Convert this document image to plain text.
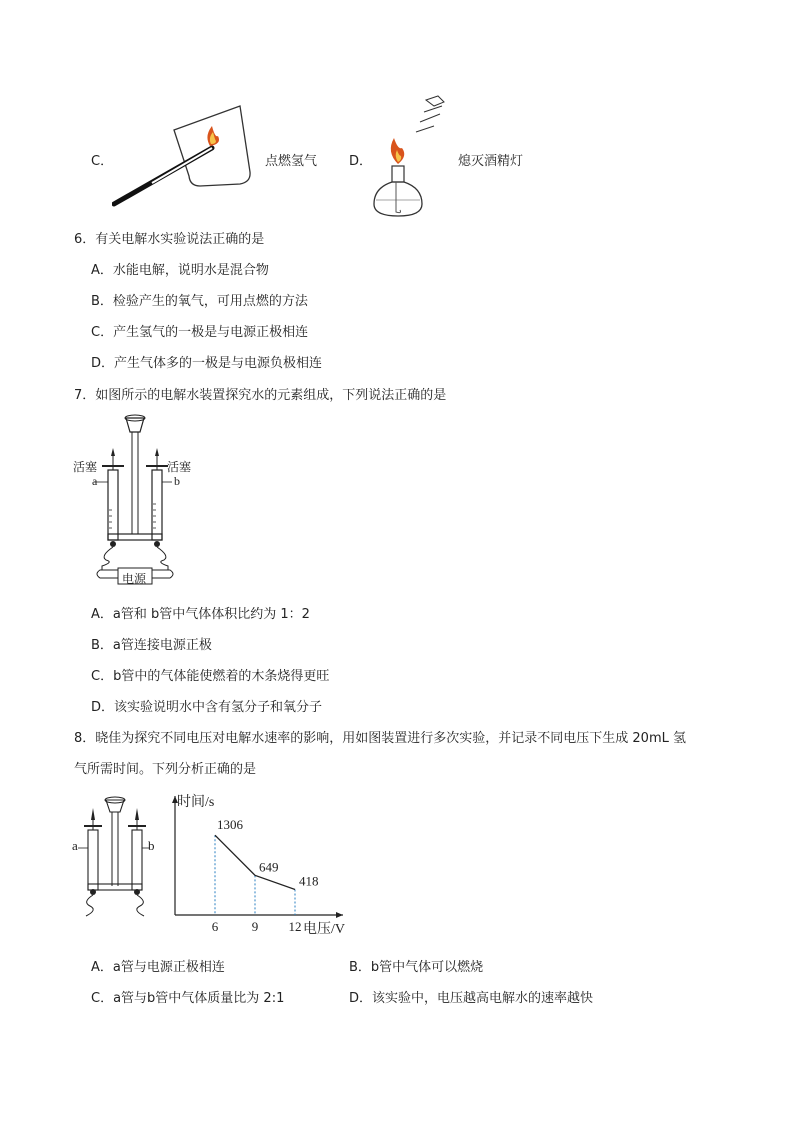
C．	点燃氢气 D．	熄灭酒精灯
6．有关电解水实验说法正确的是
A．水能电解，说明水是混合物
B．检验产生的氧气，可用点燃的方法
C．产生氢气的一极是与电源正极相连
D．产生气体多的一极是与电源负极相连
7．如图所示的电解水装置探究水的元素组成，下列说法正确的是
活塞	活塞
a	b
电源
A．a管和 b管中气体体积比约为 1：2
B．a管连接电源正极
C．b管中的气体能使燃着的木条烧得更旺
D．该实验说明水中含有氢分子和氧分子
8．晓佳为探究不同电压对电解水速率的影响，用如图装置进行多次实验，并记录不同电压下生成 20mL 氢
气所需时间。下列分析正确的是
a	b
时间/s
电压/V
6
1306
9
649
12
418
A．a管与电源正极相连	B．b管中气体可以燃烧
C．a管与b管中气体质量比为 2:1	D．该实验中，电压越高电解水的速率越快
